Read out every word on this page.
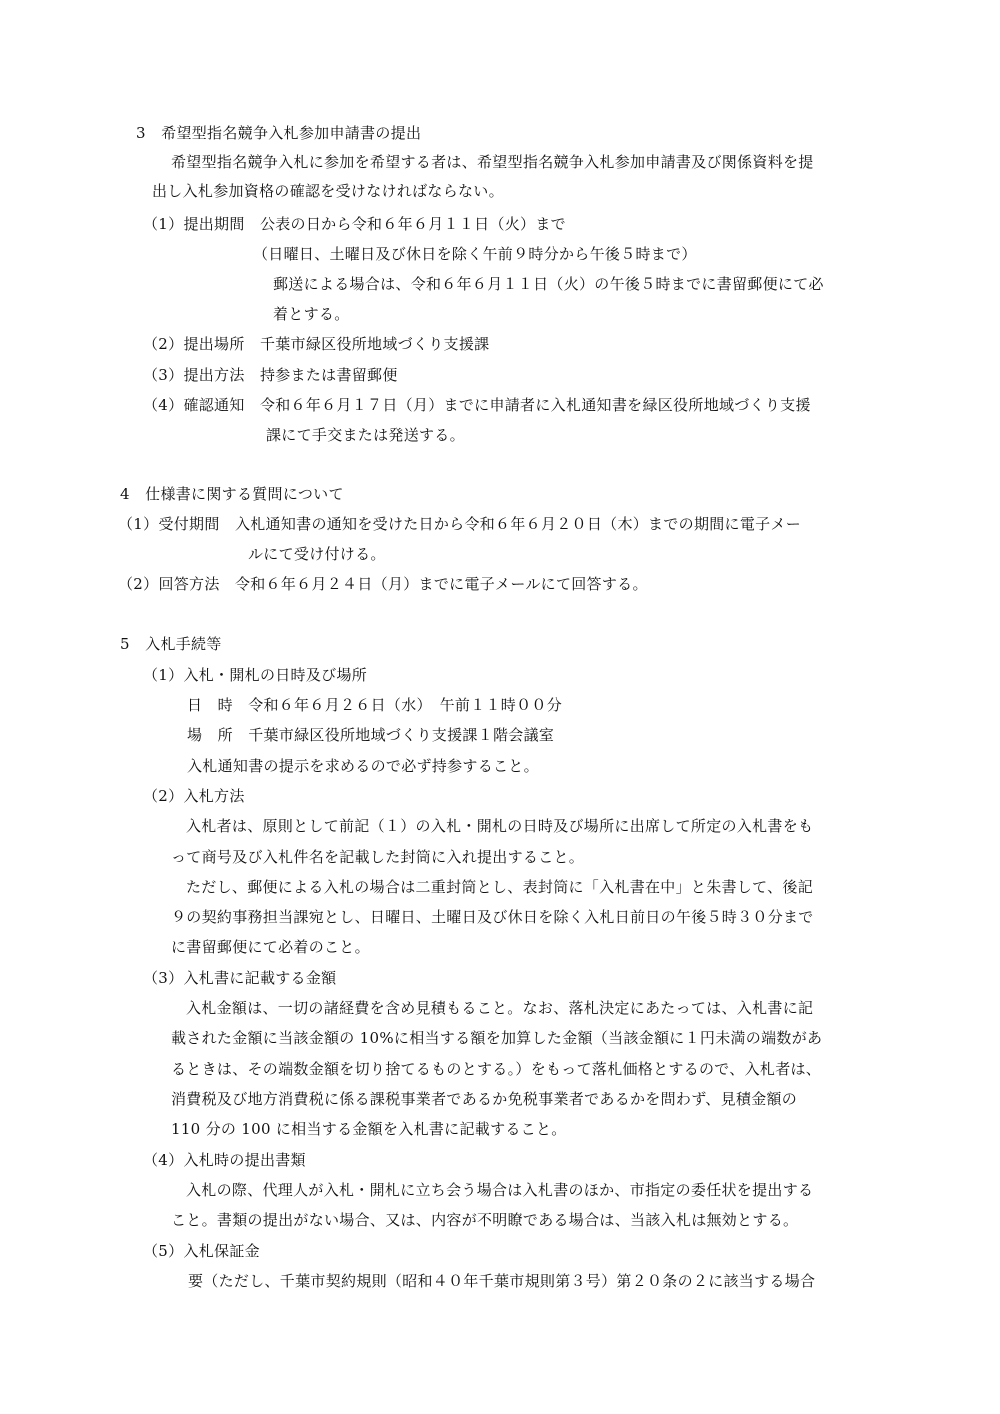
3　希望型指名競争入札参加申請書の提出
希望型指名競争入札に参加を希望する者は、希望型指名競争入札参加申請書及び関係資料を提
出し入札参加資格の確認を受けなければならない。
（1）提出期間　公表の日から令和６年６月１１日（火）まで
（日曜日、土曜日及び休日を除く午前９時分から午後５時まで）
郵送による場合は、令和６年６月１１日（火）の午後５時までに書留郵便にて必
着とする。
（2）提出場所　千葉市緑区役所地域づくり支援課
（3）提出方法　持参または書留郵便
（4）確認通知　令和６年６月１７日（月）までに申請者に入札通知書を緑区役所地域づくり支援
課にて手交または発送する。
4　仕様書に関する質問について
（1）受付期間　入札通知書の通知を受けた日から令和６年６月２０日（木）までの期間に電子メー
ルにて受け付ける。
（2）回答方法　令和６年６月２４日（月）までに電子メールにて回答する。
5　入札手続等
（1）入札・開札の日時及び場所
日　時　令和６年６月２６日（水）　午前１１時００分
場　所　千葉市緑区役所地域づくり支援課１階会議室
入札通知書の提示を求めるので必ず持参すること。
（2）入札方法
入札者は、原則として前記（１）の入札・開札の日時及び場所に出席して所定の入札書をも
って商号及び入札件名を記載した封筒に入れ提出すること。
ただし、郵便による入札の場合は二重封筒とし、表封筒に「入札書在中」と朱書して、後記
９の契約事務担当課宛とし、日曜日、土曜日及び休日を除く入札日前日の午後５時３０分まで
に書留郵便にて必着のこと。
（3）入札書に記載する金額
入札金額は、一切の諸経費を含め見積もること。なお、落札決定にあたっては、入札書に記
載された金額に当該金額の 10%に相当する額を加算した金額（当該金額に１円未満の端数があ
るときは、その端数金額を切り捨てるものとする。）をもって落札価格とするので、入札者は、
消費税及び地方消費税に係る課税事業者であるか免税事業者であるかを問わず、見積金額の
110 分の 100 に相当する金額を入札書に記載すること。
（4）入札時の提出書類
入札の際、代理人が入札・開札に立ち会う場合は入札書のほか、市指定の委任状を提出する
こと。書類の提出がない場合、又は、内容が不明瞭である場合は、当該入札は無効とする。
（5）入札保証金
要（ただし、千葉市契約規則（昭和４０年千葉市規則第３号）第２０条の２に該当する場合
